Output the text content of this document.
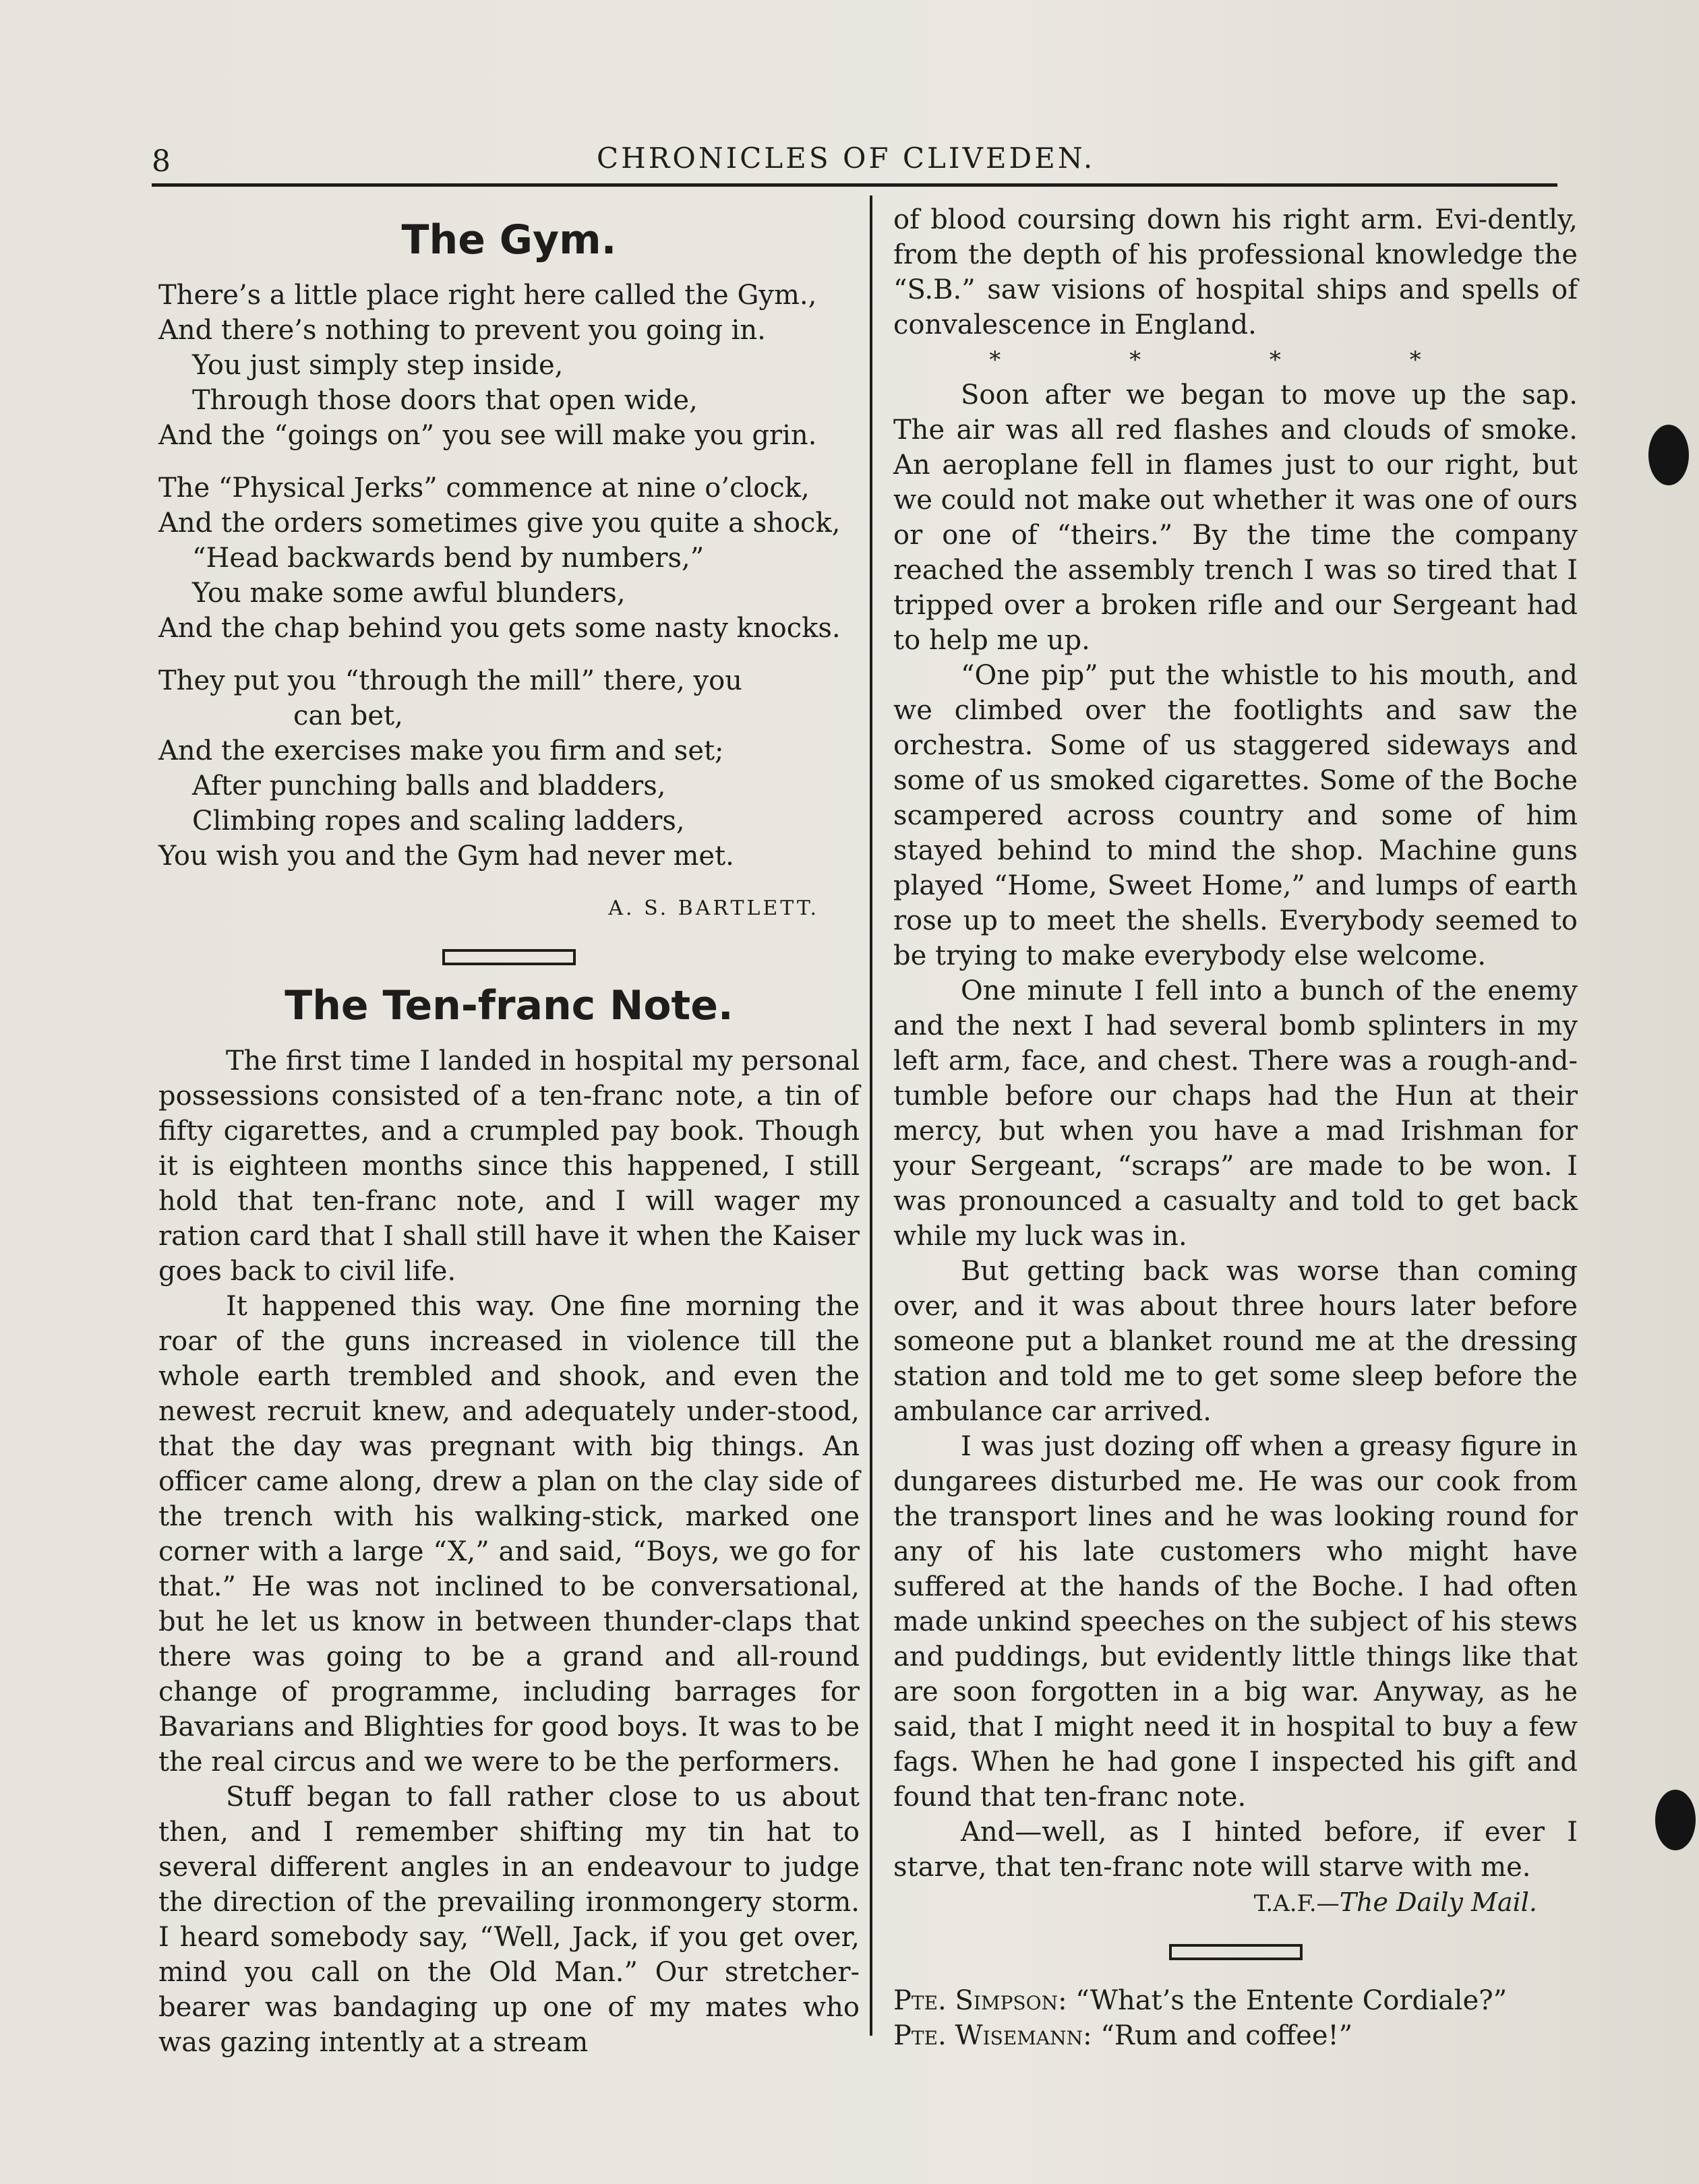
8	CHRONICLES OF CLIVEDEN.
The Gym.
There’s a little place right here called the Gym.,
And there’s nothing to prevent you going in.
You just simply step inside,
Through those doors that open wide,
And the “goings on” you see will make you grin.
The “Physical Jerks” commence at nine o’clock,
And the orders sometimes give you quite a shock,
“Head backwards bend by numbers,”
You make some awful blunders,
And the chap behind you gets some nasty knocks.
They put you “through the mill” there, you
can bet,
And the exercises make you firm and set;
After punching balls and bladders,
Climbing ropes and scaling ladders,
You wish you and the Gym had never met.
A. S. BARTLETT.
The Ten-franc Note.

The first time I landed in hospital my personal possessions consisted of a ten-franc note, a tin of fifty cigarettes, and a crumpled pay book. Though it is eighteen months since this happened, I still hold that ten-franc note, and I will wager my ration card that I shall still have it when the Kaiser goes back to civil life.

It happened this way. One fine morning the roar of the guns increased in violence till the whole earth trembled and shook, and even the newest recruit knew, and adequately under-stood, that the day was pregnant with big things. An officer came along, drew a plan on the clay side of the trench with his walking-stick, marked one corner with a large “X,” and said, “Boys, we go for that.” He was not inclined to be conversational, but he let us know in between thunder-claps that there was going to be a grand and all-round change of programme, including barrages for Bavarians and Blighties for good boys. It was to be the real circus and we were to be the performers.

Stuff began to fall rather close to us about then, and I remember shifting my tin hat to several different angles in an endeavour to judge the direction of the prevailing ironmongery storm. I heard somebody say, “Well, Jack, if you get over, mind you call on the Old Man.” Our stretcher-bearer was bandaging up one of my mates who was gazing intently at a stream

of blood coursing down his right arm. Evi-dently, from the depth of his professional knowledge the “S.B.” saw visions of hospital ships and spells of convalescence in England.

* * * *

Soon after we began to move up the sap. The air was all red flashes and clouds of smoke. An aeroplane fell in flames just to our right, but we could not make out whether it was one of ours or one of “theirs.” By the time the company reached the assembly trench I was so tired that I tripped over a broken rifle and our Sergeant had to help me up.

“One pip” put the whistle to his mouth, and we climbed over the footlights and saw the orchestra. Some of us staggered sideways and some of us smoked cigarettes. Some of the Boche scampered across country and some of him stayed behind to mind the shop. Machine guns played “Home, Sweet Home,” and lumps of earth rose up to meet the shells. Everybody seemed to be trying to make everybody else welcome.

One minute I fell into a bunch of the enemy and the next I had several bomb splinters in my left arm, face, and chest. There was a rough-and-tumble before our chaps had the Hun at their mercy, but when you have a mad Irishman for your Sergeant, “scraps” are made to be won. I was pronounced a casualty and told to get back while my luck was in.

But getting back was worse than coming over, and it was about three hours later before someone put a blanket round me at the dressing station and told me to get some sleep before the ambulance car arrived.

I was just dozing off when a greasy figure in dungarees disturbed me. He was our cook from the transport lines and he was looking round for any of his late customers who might have suffered at the hands of the Boche. I had often made unkind speeches on the subject of his stews and puddings, but evidently little things like that are soon forgotten in a big war. Anyway, as he said, that I might need it in hospital to buy a few fags. When he had gone I inspected his gift and found that ten-franc note.

And—well, as I hinted before, if ever I starve, that ten-franc note will starve with me.

T.A.F.—The Daily Mail.
Pte. Simpson: “What’s the Entente Cordiale?”
Pte. Wisemann: “Rum and coffee!”
